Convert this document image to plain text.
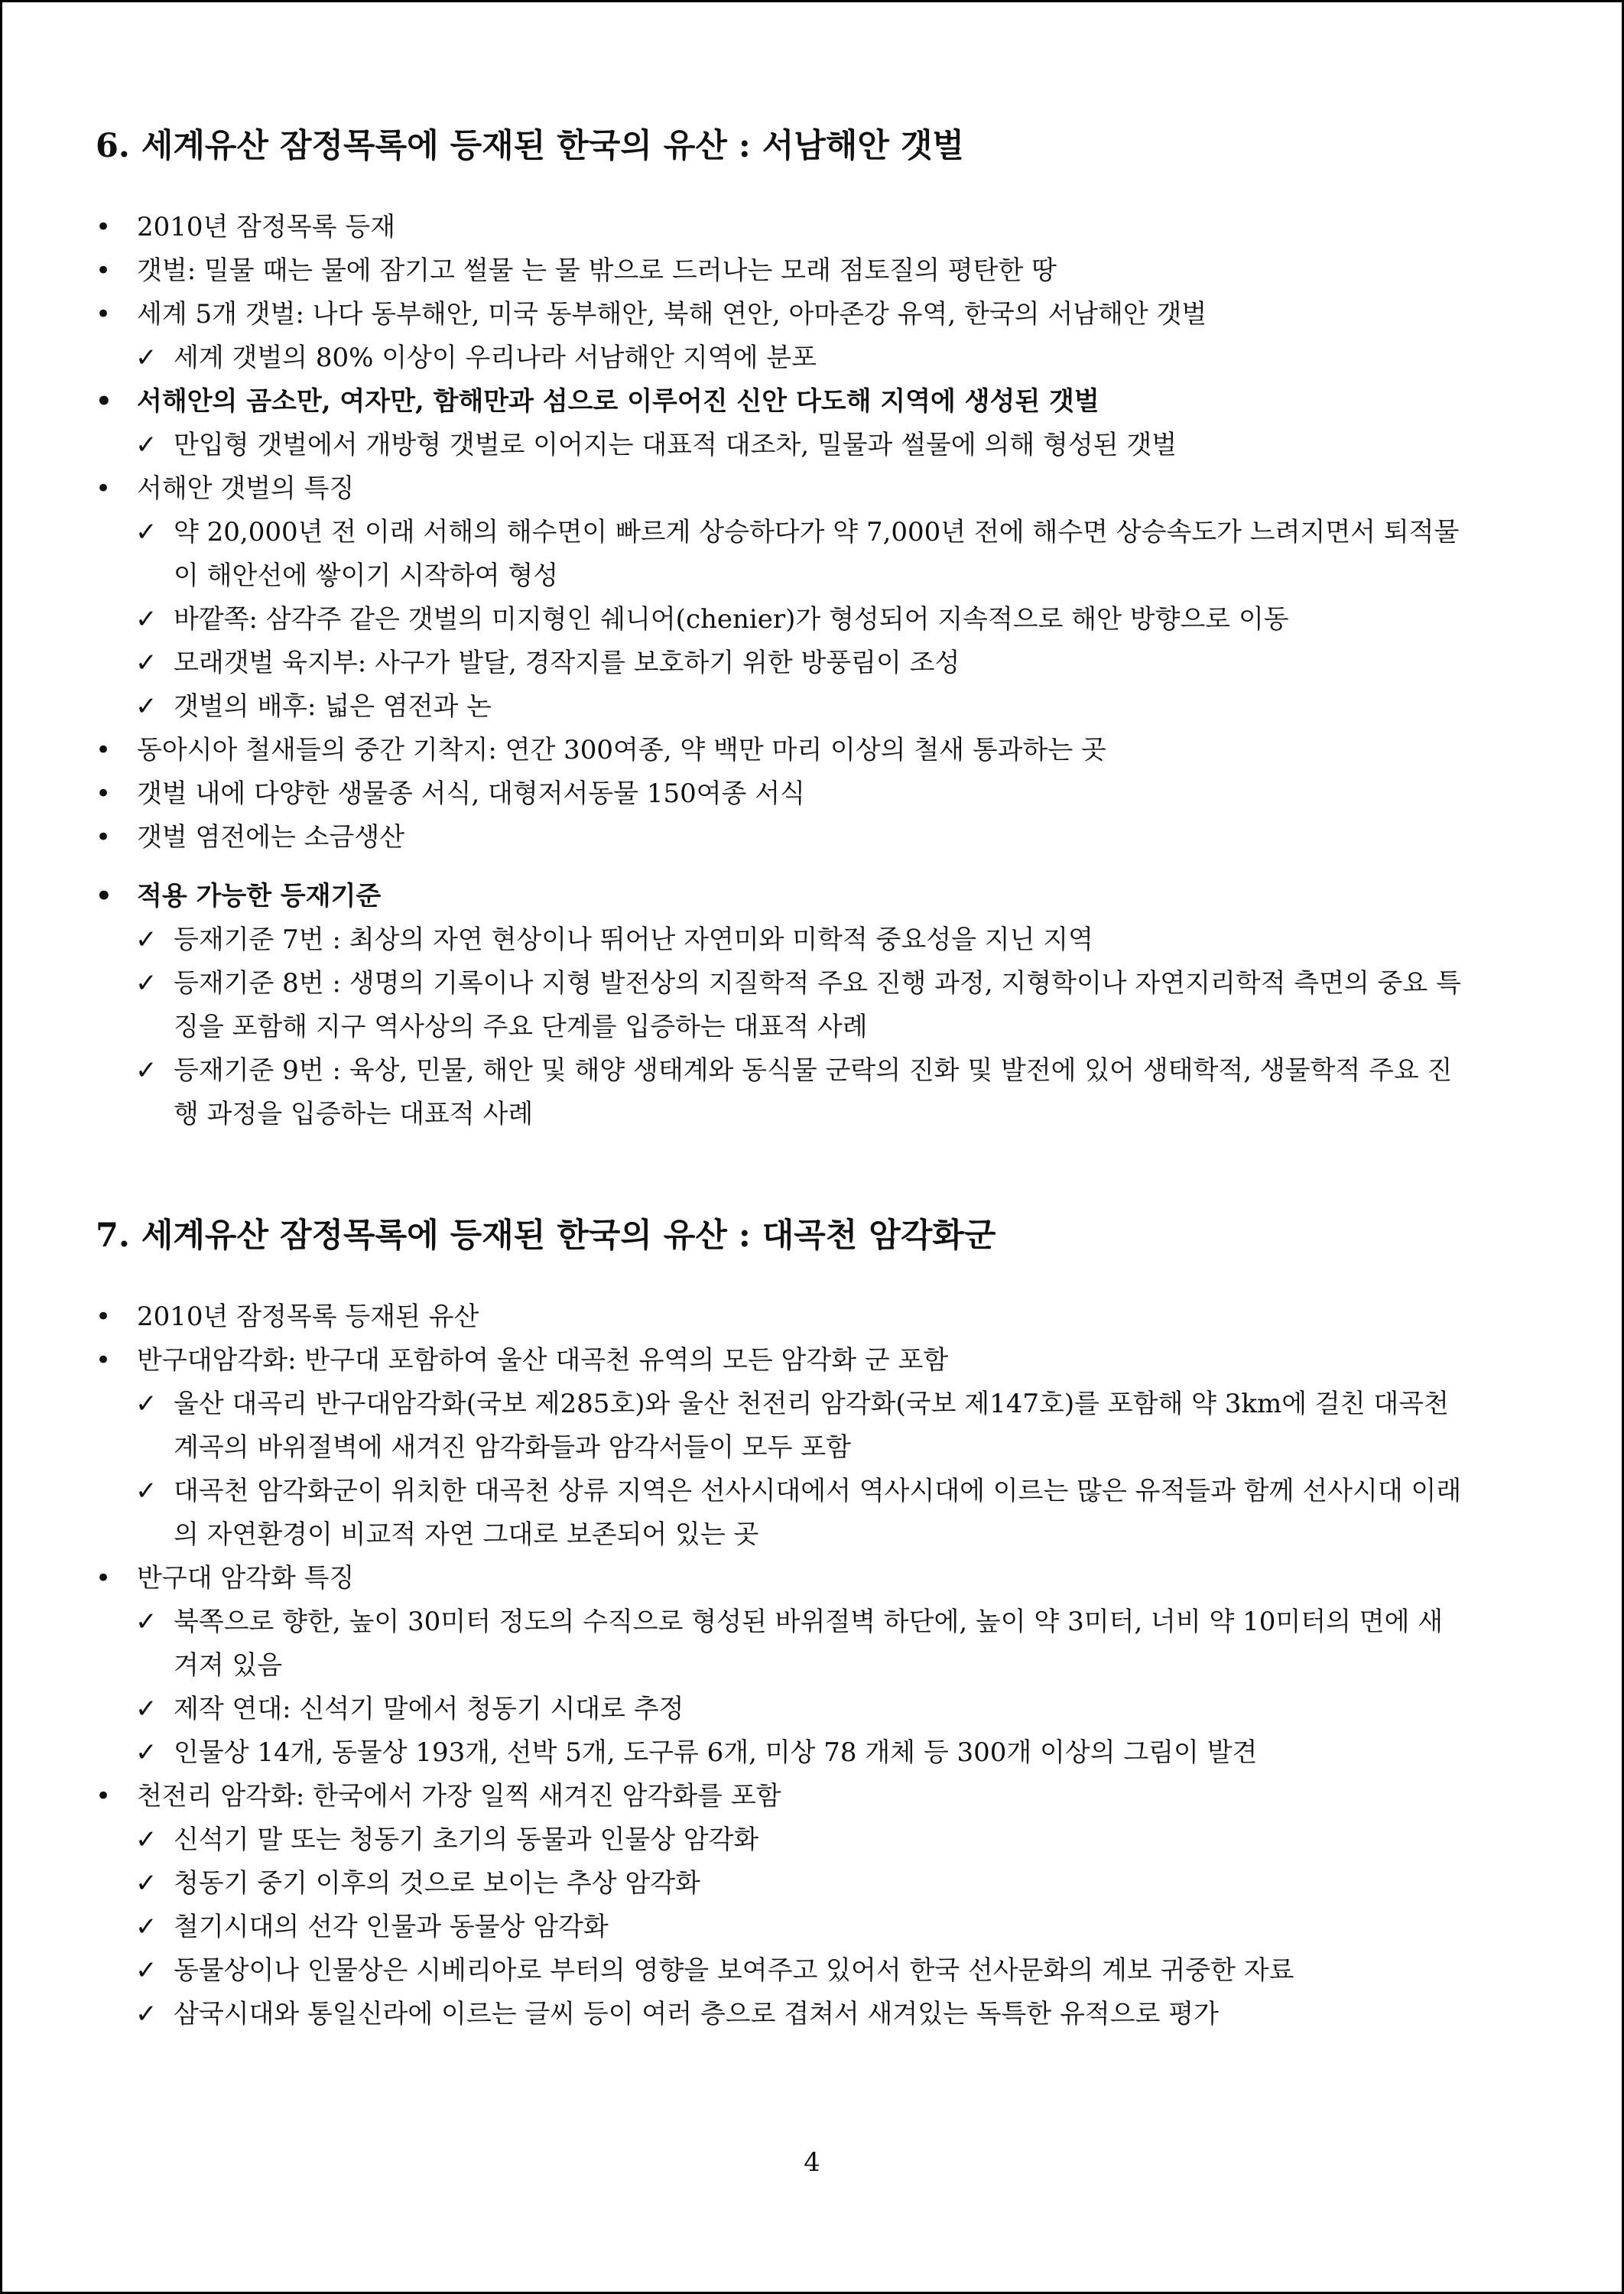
6. 세계유산 잠정목록에 등재된 한국의 유산 : 서남해안 갯벌
• 2010년 잠정목록 등재
• 갯벌: 밀물 때는 물에 잠기고 썰물 는 물 밖으로 드러나는 모래 점토질의 평탄한 땅
• 세계 5개 갯벌: 나다 동부해안, 미국 동부해안, 북해 연안, 아마존강 유역, 한국의 서남해안 갯벌
✓ 세계 갯벌의 80% 이상이 우리나라 서남해안 지역에 분포
• 서해안의 곰소만, 여자만, 함해만과 섬으로 이루어진 신안 다도해 지역에 생성된 갯벌
✓ 만입형 갯벌에서 개방형 갯벌로 이어지는 대표적 대조차, 밀물과 썰물에 의해 형성된 갯벌
• 서해안 갯벌의 특징
✓ 약 20,000년 전 이래 서해의 해수면이 빠르게 상승하다가 약 7,000년 전에 해수면 상승속도가 느려지면서 퇴적물이 해안선에 쌓이기 시작하여 형성
✓ 바깥쪽: 삼각주 같은 갯벌의 미지형인 쉐니어(chenier)가 형성되어 지속적으로 해안 방향으로 이동
✓ 모래갯벌 육지부: 사구가 발달, 경작지를 보호하기 위한 방풍림이 조성
✓ 갯벌의 배후: 넓은 염전과 논
• 동아시아 철새들의 중간 기착지: 연간 300여종, 약 백만 마리 이상의 철새 통과하는 곳
• 갯벌 내에 다양한 생물종 서식, 대형저서동물 150여종 서식
• 갯벌 염전에는 소금생산
• 적용 가능한 등재기준
✓ 등재기준 7번 : 최상의 자연 현상이나 뛰어난 자연미와 미학적 중요성을 지닌 지역
✓ 등재기준 8번 : 생명의 기록이나 지형 발전상의 지질학적 주요 진행 과정, 지형학이나 자연지리학적 측면의 중요 특징을 포함해 지구 역사상의 주요 단계를 입증하는 대표적 사례
✓ 등재기준 9번 : 육상, 민물, 해안 및 해양 생태계와 동식물 군락의 진화 및 발전에 있어 생태학적, 생물학적 주요 진행 과정을 입증하는 대표적 사례
7. 세계유산 잠정목록에 등재된 한국의 유산 : 대곡천 암각화군
• 2010년 잠정목록 등재된 유산
• 반구대암각화: 반구대 포함하여 울산 대곡천 유역의 모든 암각화 군 포함
✓ 울산 대곡리 반구대암각화(국보 제285호)와 울산 천전리 암각화(국보 제147호)를 포함해 약 3km에 걸친 대곡천 계곡의 바위절벽에 새겨진 암각화들과 암각서들이 모두 포함
✓ 대곡천 암각화군이 위치한 대곡천 상류 지역은 선사시대에서 역사시대에 이르는 많은 유적들과 함께 선사시대 이래의 자연환경이 비교적 자연 그대로 보존되어 있는 곳
• 반구대 암각화 특징
✓ 북쪽으로 향한, 높이 30미터 정도의 수직으로 형성된 바위절벽 하단에, 높이 약 3미터, 너비 약 10미터의 면에 새겨져 있음
✓ 제작 연대: 신석기 말에서 청동기 시대로 추정
✓ 인물상 14개, 동물상 193개, 선박 5개, 도구류 6개, 미상 78 개체 등 300개 이상의 그림이 발견
• 천전리 암각화: 한국에서 가장 일찍 새겨진 암각화를 포함
✓ 신석기 말 또는 청동기 초기의 동물과 인물상 암각화
✓ 청동기 중기 이후의 것으로 보이는 추상 암각화
✓ 철기시대의 선각 인물과 동물상 암각화
✓ 동물상이나 인물상은 시베리아로 부터의 영향을 보여주고 있어서 한국 선사문화의 계보 귀중한 자료
✓ 삼국시대와 통일신라에 이르는 글씨 등이 여러 층으로 겹쳐서 새겨있는 독특한 유적으로 평가
4
